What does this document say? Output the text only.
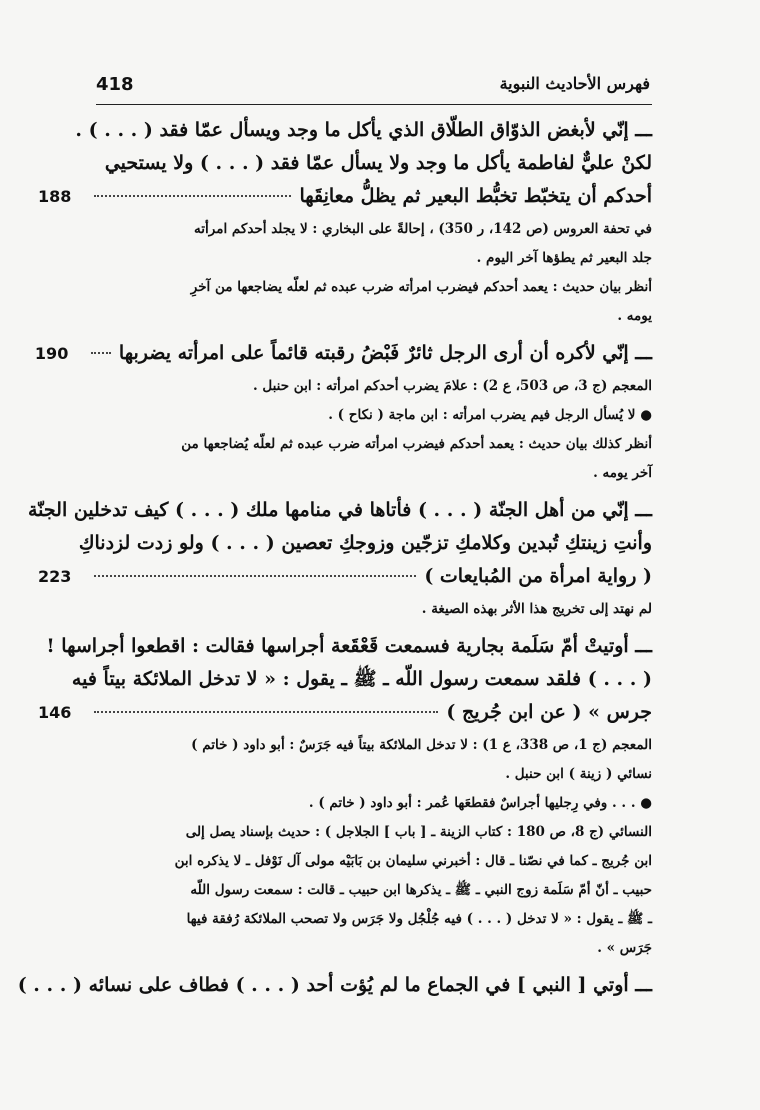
418	فهرس الأحاديث النبوية
ـــ إنّي لأبغض الذوّاق الطلّاق الذي يأكل ما وجد ويسأل عمّا فقد ( . . . ) .
لكنْ عليٌّ لفاطمة يأكل ما وجد ولا يسأل عمّا فقد ( . . . ) ولا يستحيي
أحدكم أن يتخبّط تخبُّط البعير ثم يظلُّ معانِقَها
188

في تحفة العروس (ص 142، ر 350) ، إحالةً على البخاري : لا يجلد أحدكم امرأته

جلد البعير ثم يطؤها آخر اليوم .

أنظر بيان حديث : يعمد أحدكم فيضرب امرأته ضرب عبده ثم لعلّه يضاجعها من آخرِ

يومه .

ـــ إنّي لأكره أن أرى الرجل ثائرٌ فَبْضُ رقبته قائماً على امرأته يضربها
190

المعجم (ج 3، ص 503، ع 2) : علامَ يضرب أحدكم امرأته : ابن حنبل .

● لا يُسأل الرجل فيم يضرب امرأته : ابن ماجة ( نكاح ) .

أنظر كذلك بيان حديث : يعمد أحدكم فيضرب امرأته ضرب عبده ثم لعلّه يُضاجعها من

آخر يومه .

ـــ إنّي من أهل الجنّة ( . . . ) فأتاها في منامها ملك ( . . . ) كيف تدخلين الجنّة
وأنتِ زينتكِ تُبدين وكلامكِ تزجّين وزوجكِ تعصين ( . . . ) ولو زدت لزدناكِ
( رواية امرأة من المُبايعات )
223

لم نهتد إلى تخريج هذا الأثر بهذه الصيغة .

ـــ أوتيتْ أمّ سَلَمة بجارية فسمعت قَعْقَعة أجراسها فقالت : اقطعوا أجراسها !
( . . . ) فلقد سمعت رسول اللّه ـ ﷺ ـ يقول : « لا تدخل الملائكة بيتاً فيه
جرس » ( عن ابن جُريج )
146

المعجم (ج 1، ص 338، ع 1) : لا تدخل الملائكة بيتاً فيه جَرَسٌ : أبو داود ( خاتم )

نسائي ( زينة ) ابن حنبل .

● . . . وفي رِجليها أجراسٌ فقطعَها عُمر : أبو داود ( خاتم ) .

النسائي (ج 8، ص 180 : كتاب الزينة ـ [ باب ] الجلاجل ) : حديث بإسناد يصل إلى

ابن جُريج ـ كما في نصّنا ـ قال : أخبرني سليمان بن بَابَيْه مولى آل نَوْفل ـ لا يذكره ابن

حبيب ـ أنّ أمّ سَلَمة زوج النبي ـ ﷺ ـ يذكرها ابن حبيب ـ قالت : سمعت رسول اللّه

ـ ﷺ ـ يقول : « لا تدخل ( . . . ) فيه جُلْجُل ولا جَرَس ولا تصحب الملائكة رُفقة فيها

جَرَس » .

ـــ أوتي [ النبي ] في الجماع ما لم يُؤت أحد ( . . . ) فطاف على نسائه ( . . . )
